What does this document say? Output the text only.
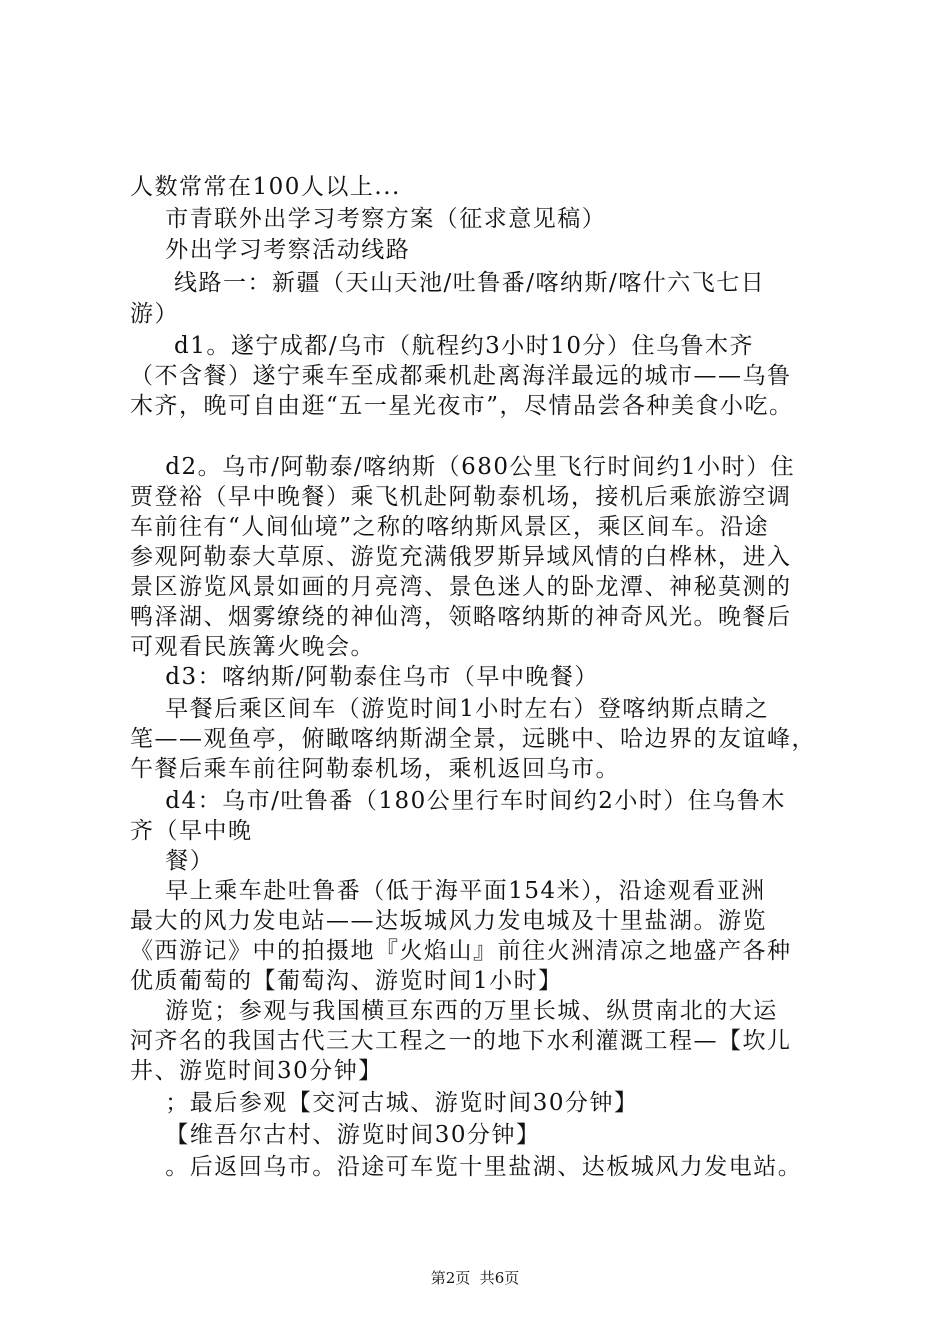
人数常常在100人以上...
市青联外出学习考察方案（征求意见稿）
外出学习考察活动线路
线路一：新疆（天山天池/吐鲁番/喀纳斯/喀什六飞七日
游）
d1。遂宁成都/乌市（航程约3小时10分）住乌鲁木齐
（不含餐）遂宁乘车至成都乘机赴离海洋最远的城市——乌鲁
木齐，晚可自由逛“五一星光夜市”，尽情品尝各种美食小吃。
d2。乌市/阿勒泰/喀纳斯（680公里飞行时间约1小时）住
贾登裕（早中晚餐）乘飞机赴阿勒泰机场，接机后乘旅游空调
车前往有“人间仙境”之称的喀纳斯风景区，乘区间车。沿途
参观阿勒泰大草原、游览充满俄罗斯异域风情的白桦林，进入
景区游览风景如画的月亮湾、景色迷人的卧龙潭、神秘莫测的
鸭泽湖、烟雾缭绕的神仙湾，领略喀纳斯的神奇风光。晚餐后
可观看民族篝火晚会。
d3：喀纳斯/阿勒泰住乌市（早中晚餐）
早餐后乘区间车（游览时间1小时左右）登喀纳斯点睛之
笔——观鱼亭，俯瞰喀纳斯湖全景，远眺中、哈边界的友谊峰，
午餐后乘车前往阿勒泰机场，乘机返回乌市。
d4：乌市/吐鲁番（180公里行车时间约2小时）住乌鲁木
齐（早中晚
餐）
早上乘车赴吐鲁番（低于海平面154米），沿途观看亚洲
最大的风力发电站——达坂城风力发电城及十里盐湖。游览
《西游记》中的拍摄地『火焰山』前往火洲清凉之地盛产各种
优质葡萄的【葡萄沟、游览时间1小时】
游览；参观与我国横亘东西的万里长城、纵贯南北的大运
河齐名的我国古代三大工程之一的地下水利灌溉工程—【坎儿
井、游览时间30分钟】
；最后参观【交河古城、游览时间30分钟】
【维吾尔古村、游览时间30分钟】
。后返回乌市。沿途可车览十里盐湖、达板城风力发电站。
第2页  共6页
